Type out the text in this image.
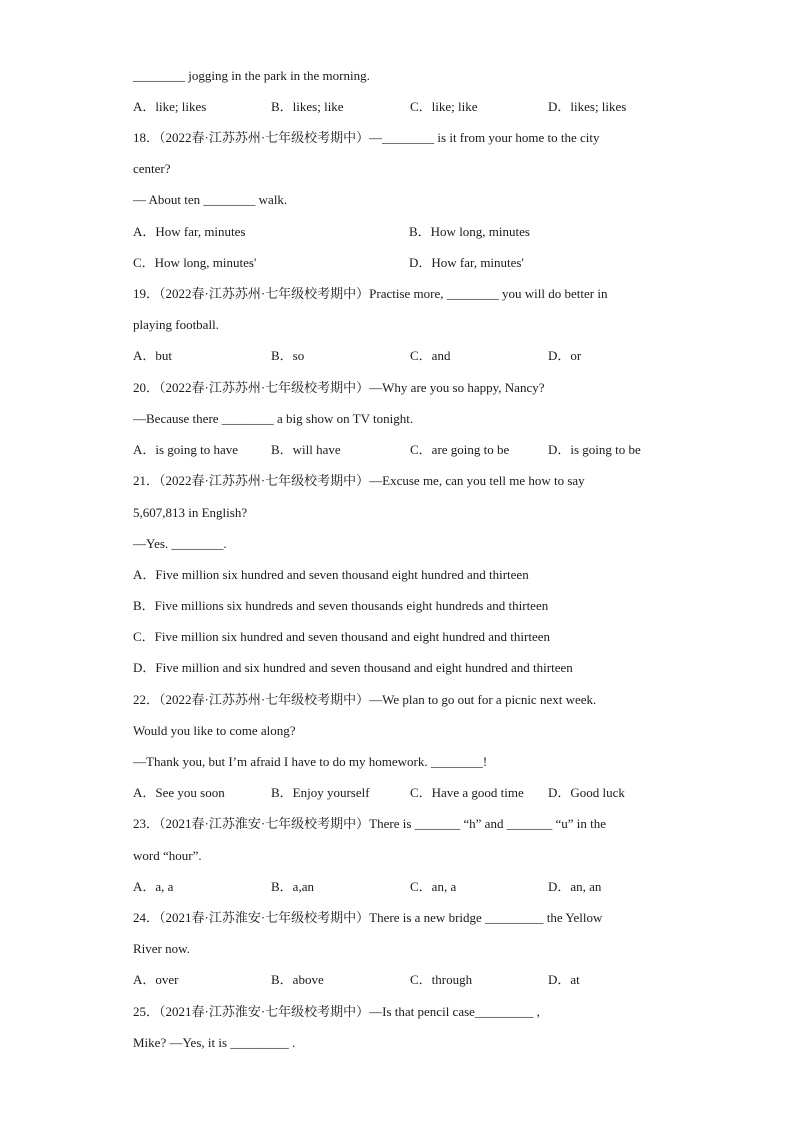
________ jogging in the park in the morning.
A．like; likes	B．likes; like	C．like; like	D．likes; likes
18．（2022春·江苏苏州·七年级校考期中）—________ is it from your home to the city
center?
— About ten ________ walk.
A．How far, minutes	B．How long, minutes
C．How long, minutes'	D．How far, minutes'
19．（2022春·江苏苏州·七年级校考期中）Practise more, ________ you will do better in
playing football.
A．but	B．so	C．and	D．or
20．（2022春·江苏苏州·七年级校考期中）—Why are you so happy, Nancy?
—Because there ________ a big show on TV tonight.
A．is going to have	B．will have	C．are going to be	D．is going to be
21．（2022春·江苏苏州·七年级校考期中）—Excuse me, can you tell me how to say
5,607,813 in English?
—Yes. ________.
A．Five million six hundred and seven thousand eight hundred and thirteen
B．Five millions six hundreds and seven thousands eight hundreds and thirteen
C．Five million six hundred and seven thousand and eight hundred and thirteen
D．Five million and six hundred and seven thousand and eight hundred and thirteen
22．（2022春·江苏苏州·七年级校考期中）—We plan to go out for a picnic next week.
Would you like to come along?
—Thank you, but I’m afraid I have to do my homework. ________!
A．See you soon	B．Enjoy yourself	C．Have a good time D．Good luck
23．（2021春·江苏淮安·七年级校考期中）There is _______ “h” and _______ “u” in the
word “hour”.
A．a, a	B．a,an	C．an, a	D．an, an
24．（2021春·江苏淮安·七年级校考期中）There is a new bridge _________ the Yellow
River now.
A．over	B．above	C．through	D．at
25．（2021春·江苏淮安·七年级校考期中）—Is that pencil case_________ ,
Mike? —Yes, it is _________ .
